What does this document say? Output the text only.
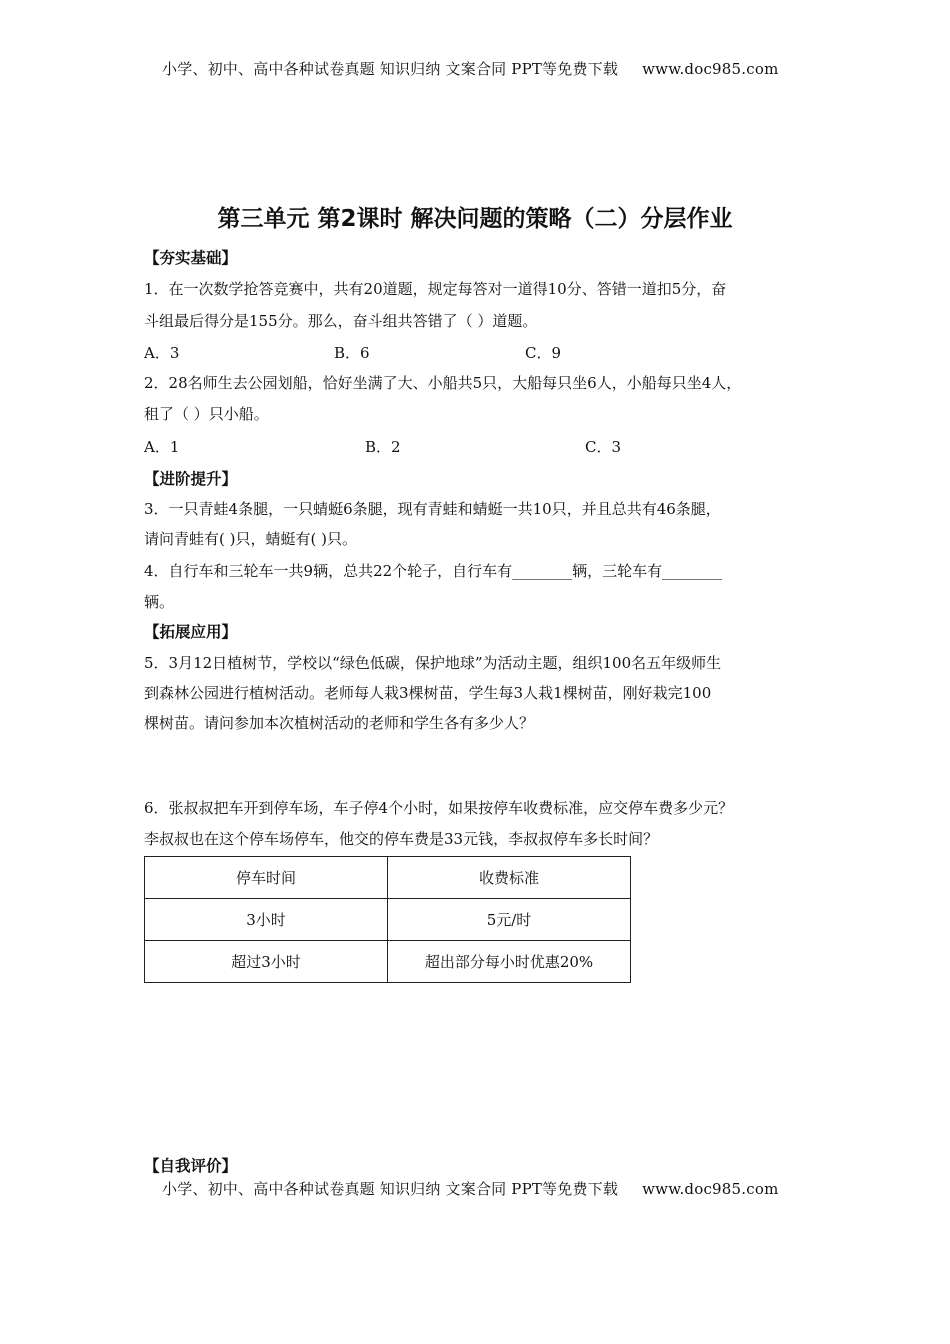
小学、初中、高中各种试卷真题 知识归纳 文案合同 PPT等免费下载 www.doc985.com
第三单元 第2课时 解决问题的策略（二）分层作业
【夯实基础】
1．在一次数学抢答竞赛中，共有20道题，规定每答对一道得10分、答错一道扣5分，奋
斗组最后得分是155分。那么，奋斗组共答错了（ ）道题。
A．3	B．6	C．9
2．28名师生去公园划船，恰好坐满了大、小船共5只，大船每只坐6人，小船每只坐4人，
租了（ ）只小船。
A．1	B．2	C．3
【进阶提升】
3．一只青蛙4条腿，一只蜻蜓6条腿，现有青蛙和蜻蜓一共10只，并且总共有46条腿，
请问青蛙有( )只，蜻蜓有( )只。
4．自行车和三轮车一共9辆，总共22个轮子，自行车有________辆，三轮车有________
辆。
【拓展应用】
5．3月12日植树节，学校以“绿色低碳，保护地球”为活动主题，组织100名五年级师生
到森林公园进行植树活动。老师每人栽3棵树苗，学生每3人栽1棵树苗，刚好栽完100
棵树苗。请问参加本次植树活动的老师和学生各有多少人？
6．张叔叔把车开到停车场，车子停4个小时，如果按停车收费标准，应交停车费多少元？
李叔叔也在这个停车场停车，他交的停车费是33元钱，李叔叔停车多长时间？
停车时间	收费标准
3小时	5元/时
超过3小时	超出部分每小时优惠20%
【自我评价】
小学、初中、高中各种试卷真题 知识归纳 文案合同 PPT等免费下载 www.doc985.com
